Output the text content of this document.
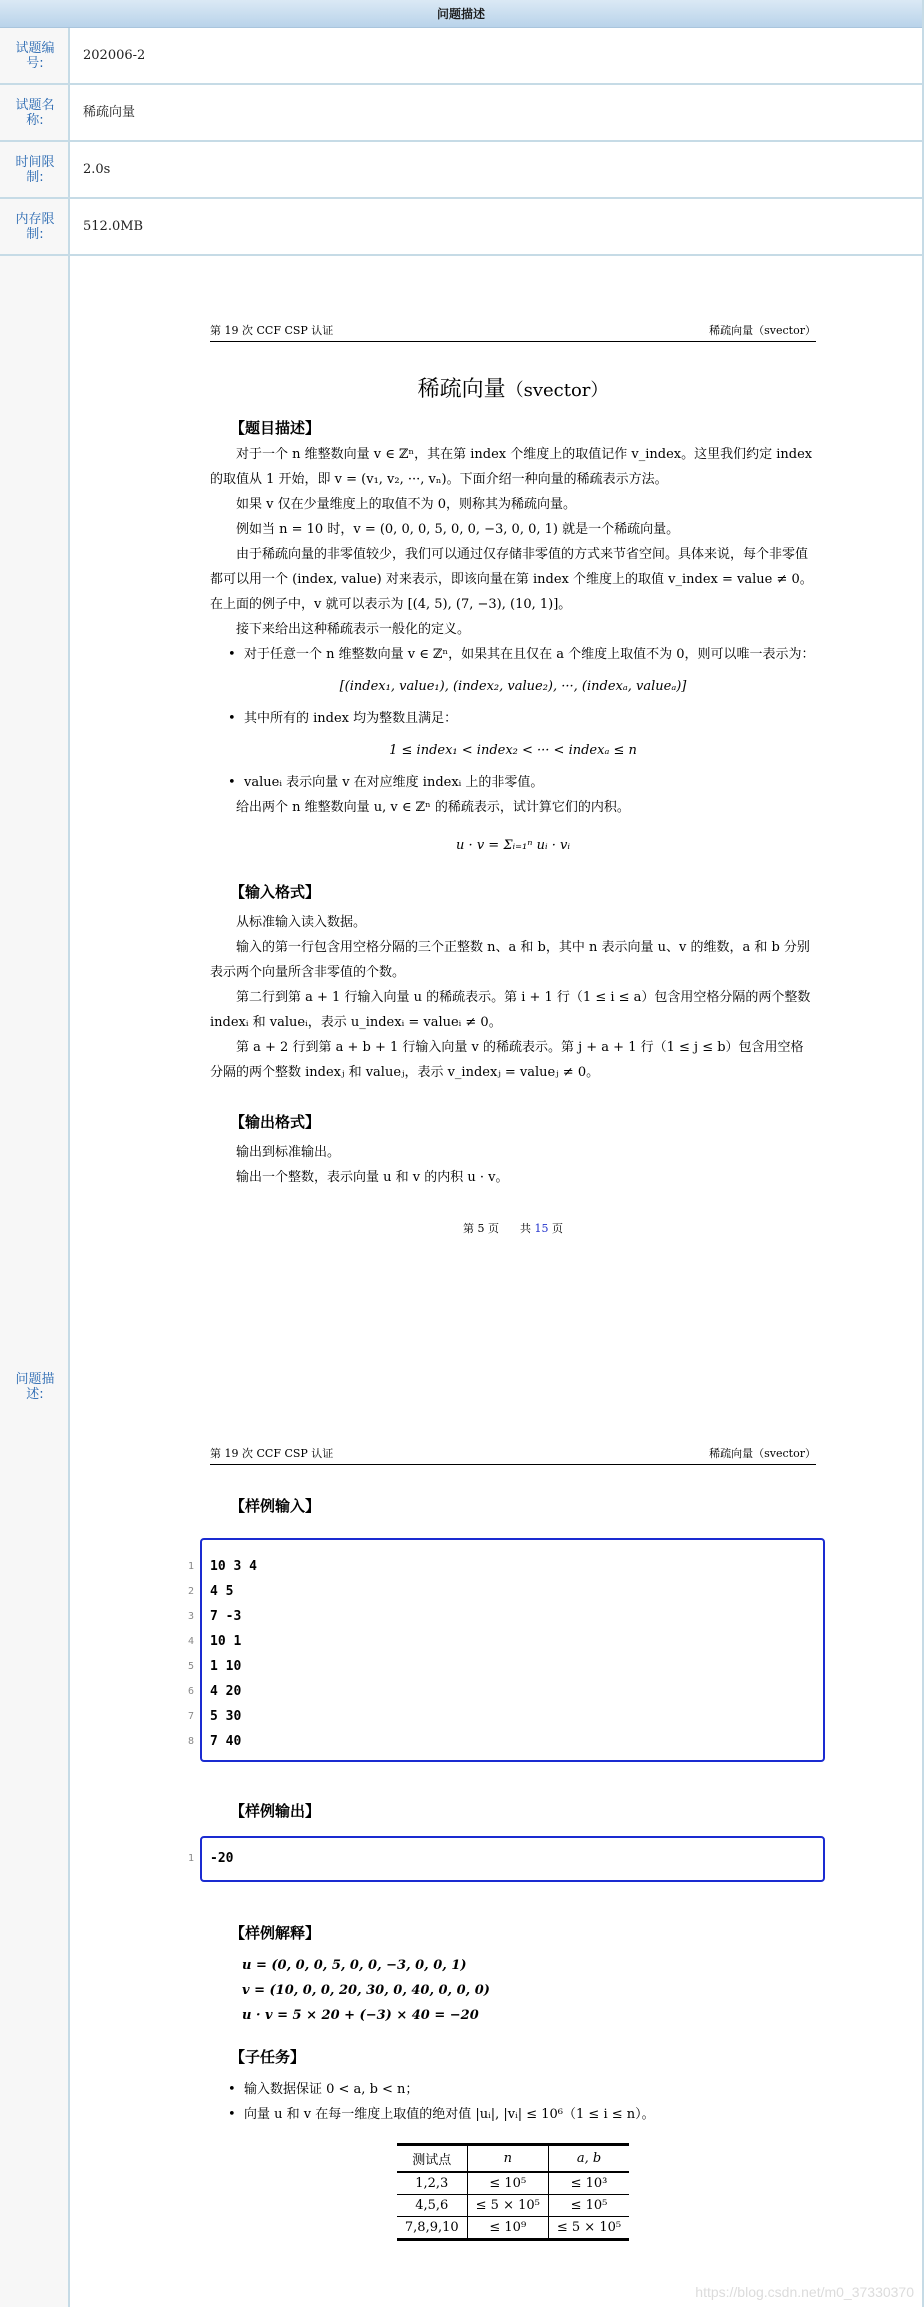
问题描述
试题编号:	202006-2
试题名称:	稀疏向量
时间限制:	2.0s
内存限制:	512.0MB
问题描述:
第 19 次 CCF CSP 认证	稀疏向量（svector）
稀疏向量（svector）
【题目描述】
对于一个 n 维整数向量 v ∈ ℤⁿ，其在第 index 个维度上的取值记作 v_index。这里我们约定 index 的取值从 1 开始，即 v = (v₁, v₂, ···, vₙ)。下面介绍一种向量的稀疏表示方法。
如果 v 仅在少量维度上的取值不为 0，则称其为稀疏向量。
例如当 n = 10 时，v = (0, 0, 0, 5, 0, 0, −3, 0, 0, 1) 就是一个稀疏向量。
由于稀疏向量的非零值较少，我们可以通过仅存储非零值的方式来节省空间。具体来说，每个非零值都可以用一个 (index, value) 对来表示，即该向量在第 index 个维度上的取值 v_index = value ≠ 0。在上面的例子中，v 就可以表示为 [(4, 5), (7, −3), (10, 1)]。
接下来给出这种稀疏表示一般化的定义。
• 对于任意一个 n 维整数向量 v ∈ ℤⁿ，如果其在且仅在 a 个维度上取值不为 0，则可以唯一表示为：
[(index₁, value₁), (index₂, value₂), ···, (indexₐ, valueₐ)]
• 其中所有的 index 均为整数且满足：
1 ≤ index₁ < index₂ < ··· < indexₐ ≤ n
• valueᵢ 表示向量 v 在对应维度 indexᵢ 上的非零值。
给出两个 n 维整数向量 u, v ∈ ℤⁿ 的稀疏表示，试计算它们的内积。
u · v = Σᵢ₌₁ⁿ uᵢ · vᵢ
【输入格式】
从标准输入读入数据。
输入的第一行包含用空格分隔的三个正整数 n、a 和 b，其中 n 表示向量 u、v 的维数，a 和 b 分别表示两个向量所含非零值的个数。
第二行到第 a + 1 行输入向量 u 的稀疏表示。第 i + 1 行（1 ≤ i ≤ a）包含用空格分隔的两个整数 indexᵢ 和 valueᵢ，表示 u_indexᵢ = valueᵢ ≠ 0。
第 a + 2 行到第 a + b + 1 行输入向量 v 的稀疏表示。第 j + a + 1 行（1 ≤ j ≤ b）包含用空格分隔的两个整数 indexⱼ 和 valueⱼ，表示 v_indexⱼ = valueⱼ ≠ 0。
【输出格式】
输出到标准输出。
输出一个整数，表示向量 u 和 v 的内积 u · v。
第 5 页 共 15 页
第 19 次 CCF CSP 认证	稀疏向量（svector）
【样例输入】
1 10 3 4
2 4 5
3 7 -3
4 10 1
5 1 10
6 4 20
7 5 30
8 7 40
【样例输出】
1 -20
【样例解释】
u = (0, 0, 0, 5, 0, 0, −3, 0, 0, 1)
v = (10, 0, 0, 20, 30, 0, 40, 0, 0, 0)
u · v = 5 × 20 + (−3) × 40 = −20
【子任务】
• 输入数据保证 0 < a, b < n；
• 向量 u 和 v 在每一维度上取值的绝对值 |uᵢ|, |vᵢ| ≤ 10⁶（1 ≤ i ≤ n）。
测试点	n	a, b
1,2,3	≤ 10⁵	≤ 10³
4,5,6	≤ 5 × 10⁵	≤ 10⁵
7,8,9,10	≤ 10⁹	≤ 5 × 10⁵
https://blog.csdn.net/m0_37330370
